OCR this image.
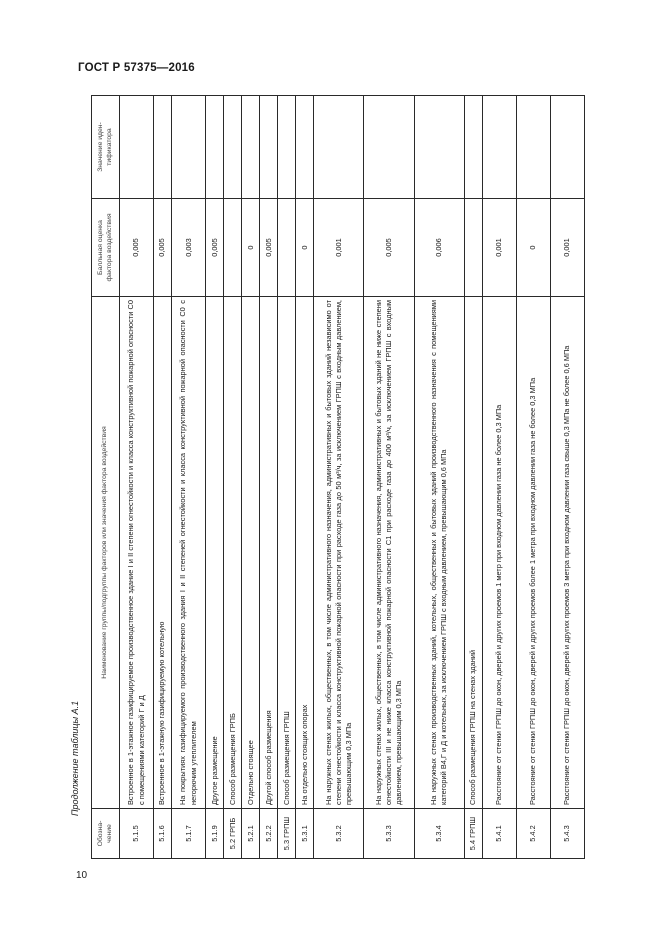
ГОСТ Р 57375—2016
Продолжение таблицы А.1
Обозна-
чение	Наименование группы/подгруппы факторов или значения фактора воздействия	Балльная оценка
фактора воздействия	Значение иден-
тификатора
5.1.5	Встроенное в 1-этажное газифицируемое производственное здание I и II степени огнестойкости и класса конструктивной пожарной опасности С0 с помещениями категорий Г и Д	0,005	
5.1.6	Встроенное в 1-этажную газифицируемую котельную	0,005	
5.1.7	На покрытиях газифицируемого производственного здания I и II степеней огнестойкости и класса конструктивной пожарной опасности С0 с негорючим утеплителем	0,003	
5.1.9	Другое размещение	0,005	
5.2 ГРПБ	Способ размещения ГРПБ		
5.2.1	Отдельно стоящее	0	
5.2.2	Другой способ размещения	0,005	
5.3 ГРПШ	Способ размещения ГРПШ		
5.3.1	На отдельно стоящих опорах	0	
5.3.2	На наружных стенах жилых, общественных, в том числе административного назначения, административных и бытовых зданий независимо от степени огнестойкости и класса конструктивной пожарной опасности при расходе газа до 50 м³/ч, за исключением ГРПШ с входным давлением, превышающим 0,3 МПа	0,001	
5.3.3	На наружных стенах жилых, общественных, в том числе административного назначения, административных и бытовых зданий не ниже степени огнестойкости III и не ниже класса конструктивной пожарной опасности С1 при расходе газа до 400 м³/ч, за исключением ГРПШ с входным давлением, превышающим 0,3 МПа	0,005	
5.3.4	На наружных стенах производственных зданий, котельных, общественных и бытовых зданий производственного назначения с помещениями категорий В4,Г и Д и котельных, за исключением ГРПШ с входным давлением, превышающим 0,6 МПа	0,006	
5.4 ГРПШ	Способ размещения ГРПШ на стенах зданий		
5.4.1	Расстояние от стенки ГРПШ до окон, дверей и других проемов 1 метр при входном давлении газа не более 0,3 МПа	0,001	
5.4.2	Расстояние от стенки ГРПШ до окон, дверей и других проемов более 1 метра при входном давлении газа не более 0,3 МПа	0	
5.4.3	Расстояние от стенки ГРПШ до окон, дверей и других проемов 3 метра при входном давлении газа свыше 0,3 МПа не более 0,6 МПа	0,001	
10
